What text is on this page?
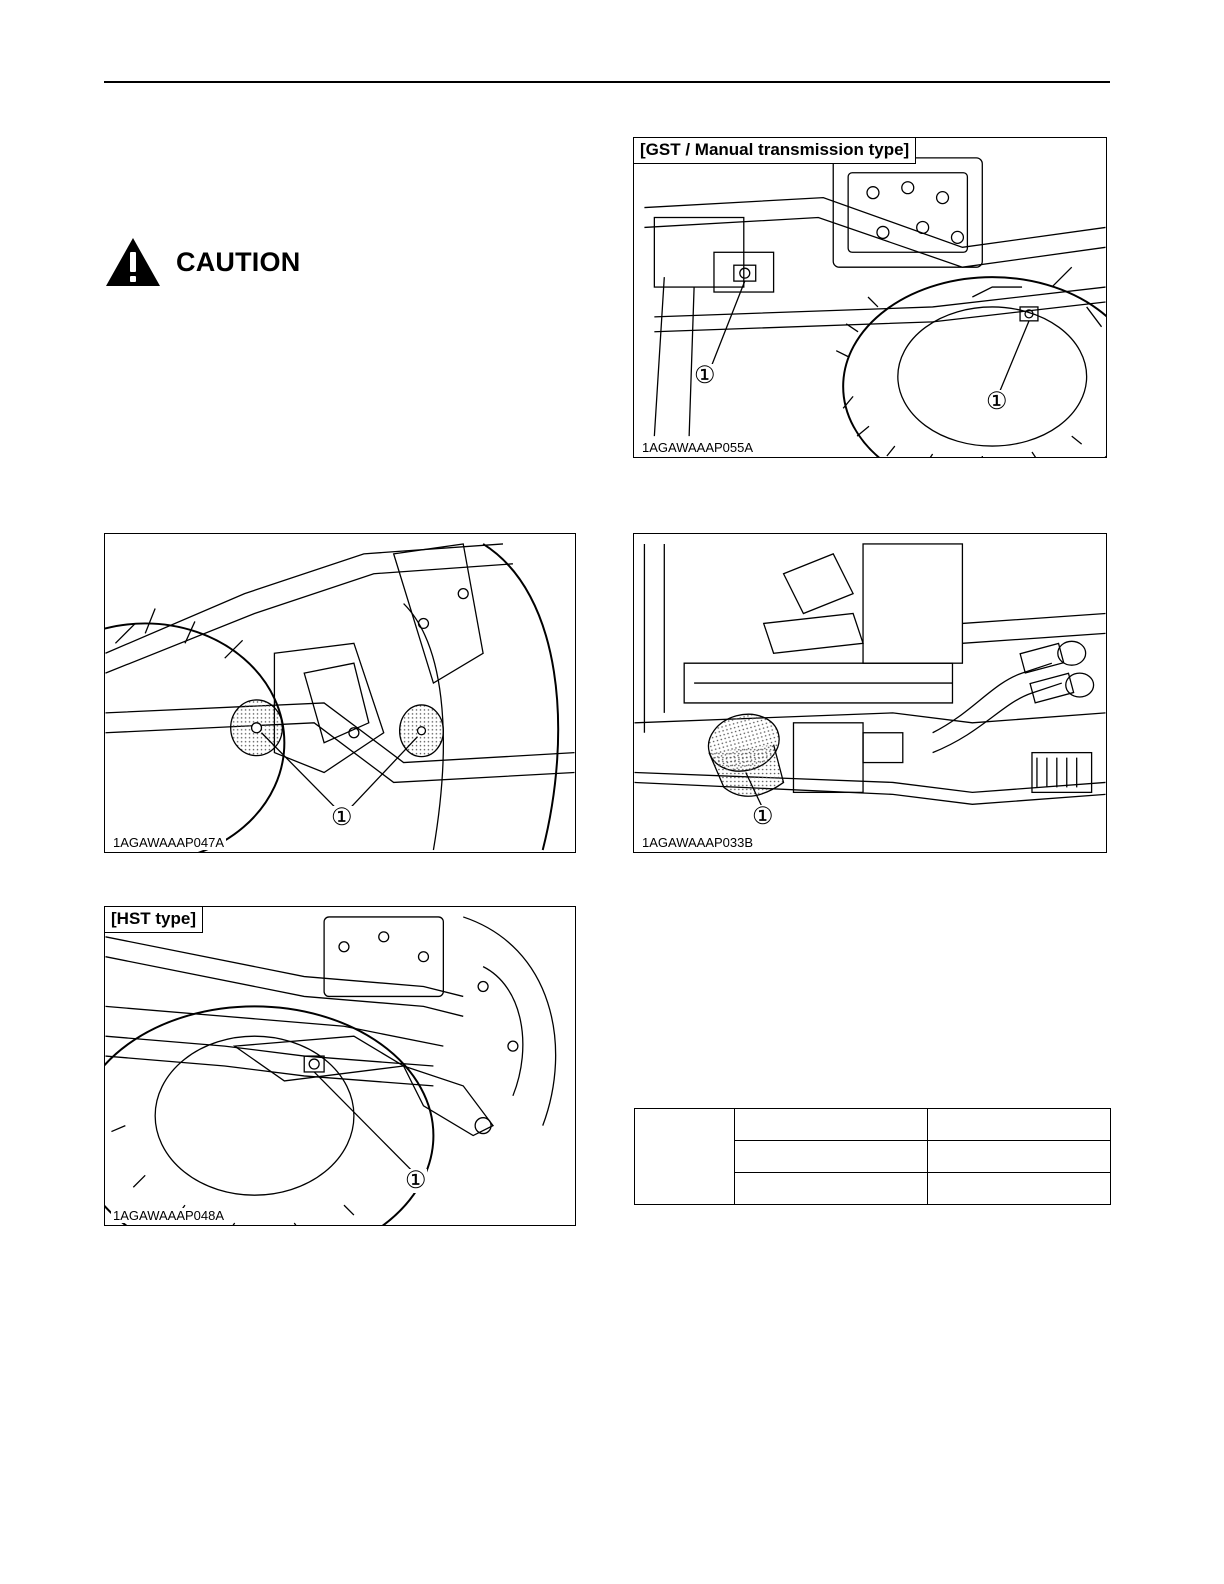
CAUTION
[GST / Manual transmission type]
①
①
1AGAWAAAP055A
①
1AGAWAAAP047A
①
1AGAWAAAP033B
[HST type]
①
1AGAWAAAP048A
